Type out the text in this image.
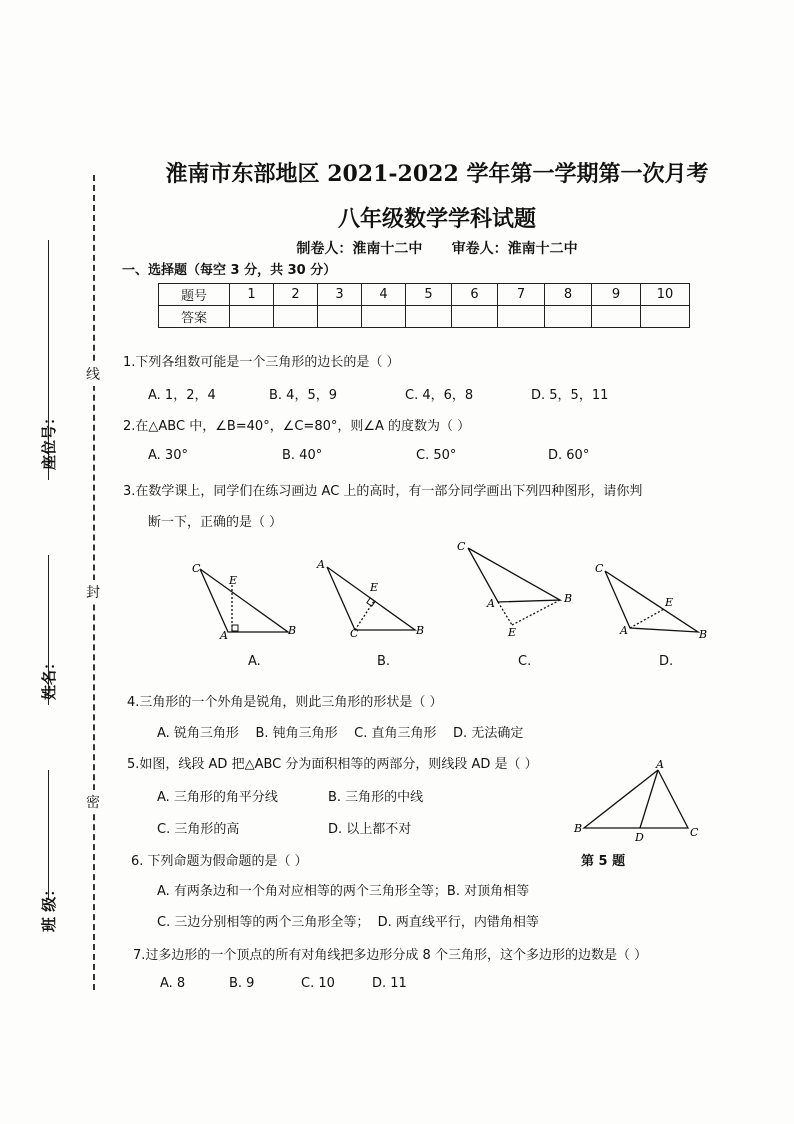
线
封
密
座位号：
姓名：
班 级：
淮南市东部地区 2021-2022 学年第一学期第一次月考
八年级数学学科试题
制卷人：淮南十二中      审卷人：淮南十二中
一、选择题（每空 3 分，共 30 分）
题号	1	2	3	4	5	6	7	8	9	10
答案										
1.下列各组数可能是一个三角形的边长的是（ ）
A. 1，2，4	B. 4，5，9	C. 4，6，8	D. 5，5，11
2.在△ABC 中，∠B=40°，∠C=80°，则∠A 的度数为（ ）
A. 30°	B. 40°	C. 50°	D. 60°
3.在数学课上，同学们在练习画边 AC 上的高时，有一部分同学画出下列四种图形，请你判
断一下，正确的是（ ）
C
E
A	B
A
E
C	B
C
A	B
E
C
E
A	B
A.	B.	C.	D.
4.三角形的一个外角是锐角，则此三角形的形状是（ ）
A. 锐角三角形    B. 钝角三角形    C. 直角三角形    D. 无法确定
5.如图，线段 AD 把△ABC 分为面积相等的两部分，则线段 AD 是（ ）
A. 三角形的角平分线	B. 三角形的中线
C. 三角形的高	D. 以上都不对
A
B
D	C
第 5 题
6. 下列命题为假命题的是（ ）
A. 有两条边和一个角对应相等的两个三角形全等；B. 对顶角相等
C. 三边分别相等的两个三角形全等；  D. 两直线平行，内错角相等
7.过多边形的一个顶点的所有对角线把多边形分成 8 个三角形，这个多边形的边数是（ ）
A. 8	B. 9	C. 10	D. 11
